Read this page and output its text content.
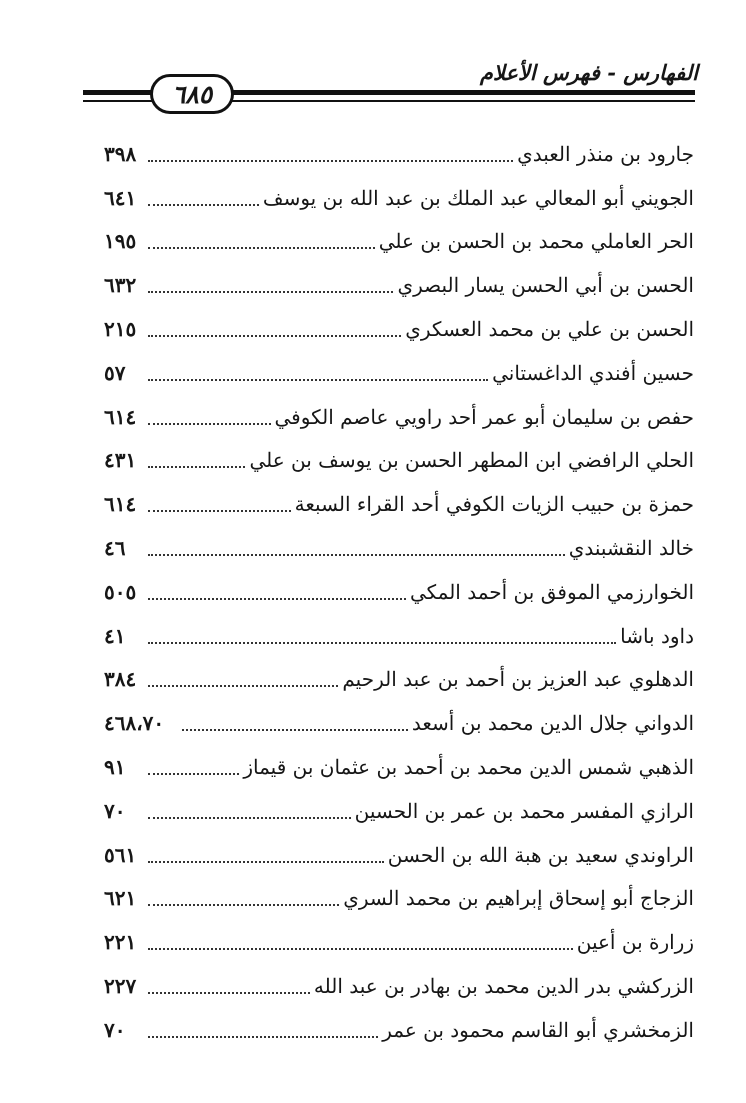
الفهارس - فهرس الأعلام
٦٨٥
جارود بن منذر العبدي
٣٩٨
الجويني أبو المعالي عبد الملك بن عبد الله بن يوسف
٦٤١
الحر العاملي محمد بن الحسن بن علي
١٩٥
الحسن بن أبي الحسن يسار البصري
٦٣٢
الحسن بن علي بن محمد العسكري
٢١٥
حسين أفندي الداغستاني
٥٧
حفص بن سليمان أبو عمر أحد راويي عاصم الكوفي
٦١٤
الحلي الرافضي ابن المطهر الحسن بن يوسف بن علي
٤٣١
حمزة بن حبيب الزيات الكوفي أحد القراء السبعة
٦١٤
خالد النقشبندي
٤٦
الخوارزمي الموفق بن أحمد المكي
٥٠٥
داود باشا
٤١
الدهلوي عبد العزيز بن أحمد بن عبد الرحيم
٣٨٤
الدواني جلال الدين محمد بن أسعد
٤٦٨،٧٠
الذهبي شمس الدين محمد بن أحمد بن عثمان بن قيماز
٩١
الرازي المفسر محمد بن عمر بن الحسين
٧٠
الراوندي سعيد بن هبة الله بن الحسن
٥٦١
الزجاج أبو إسحاق إبراهيم بن محمد السري
٦٢١
زرارة بن أعين
٢٢١
الزركشي بدر الدين محمد بن بهادر بن عبد الله
٢٢٧
الزمخشري أبو القاسم محمود بن عمر
٧٠
